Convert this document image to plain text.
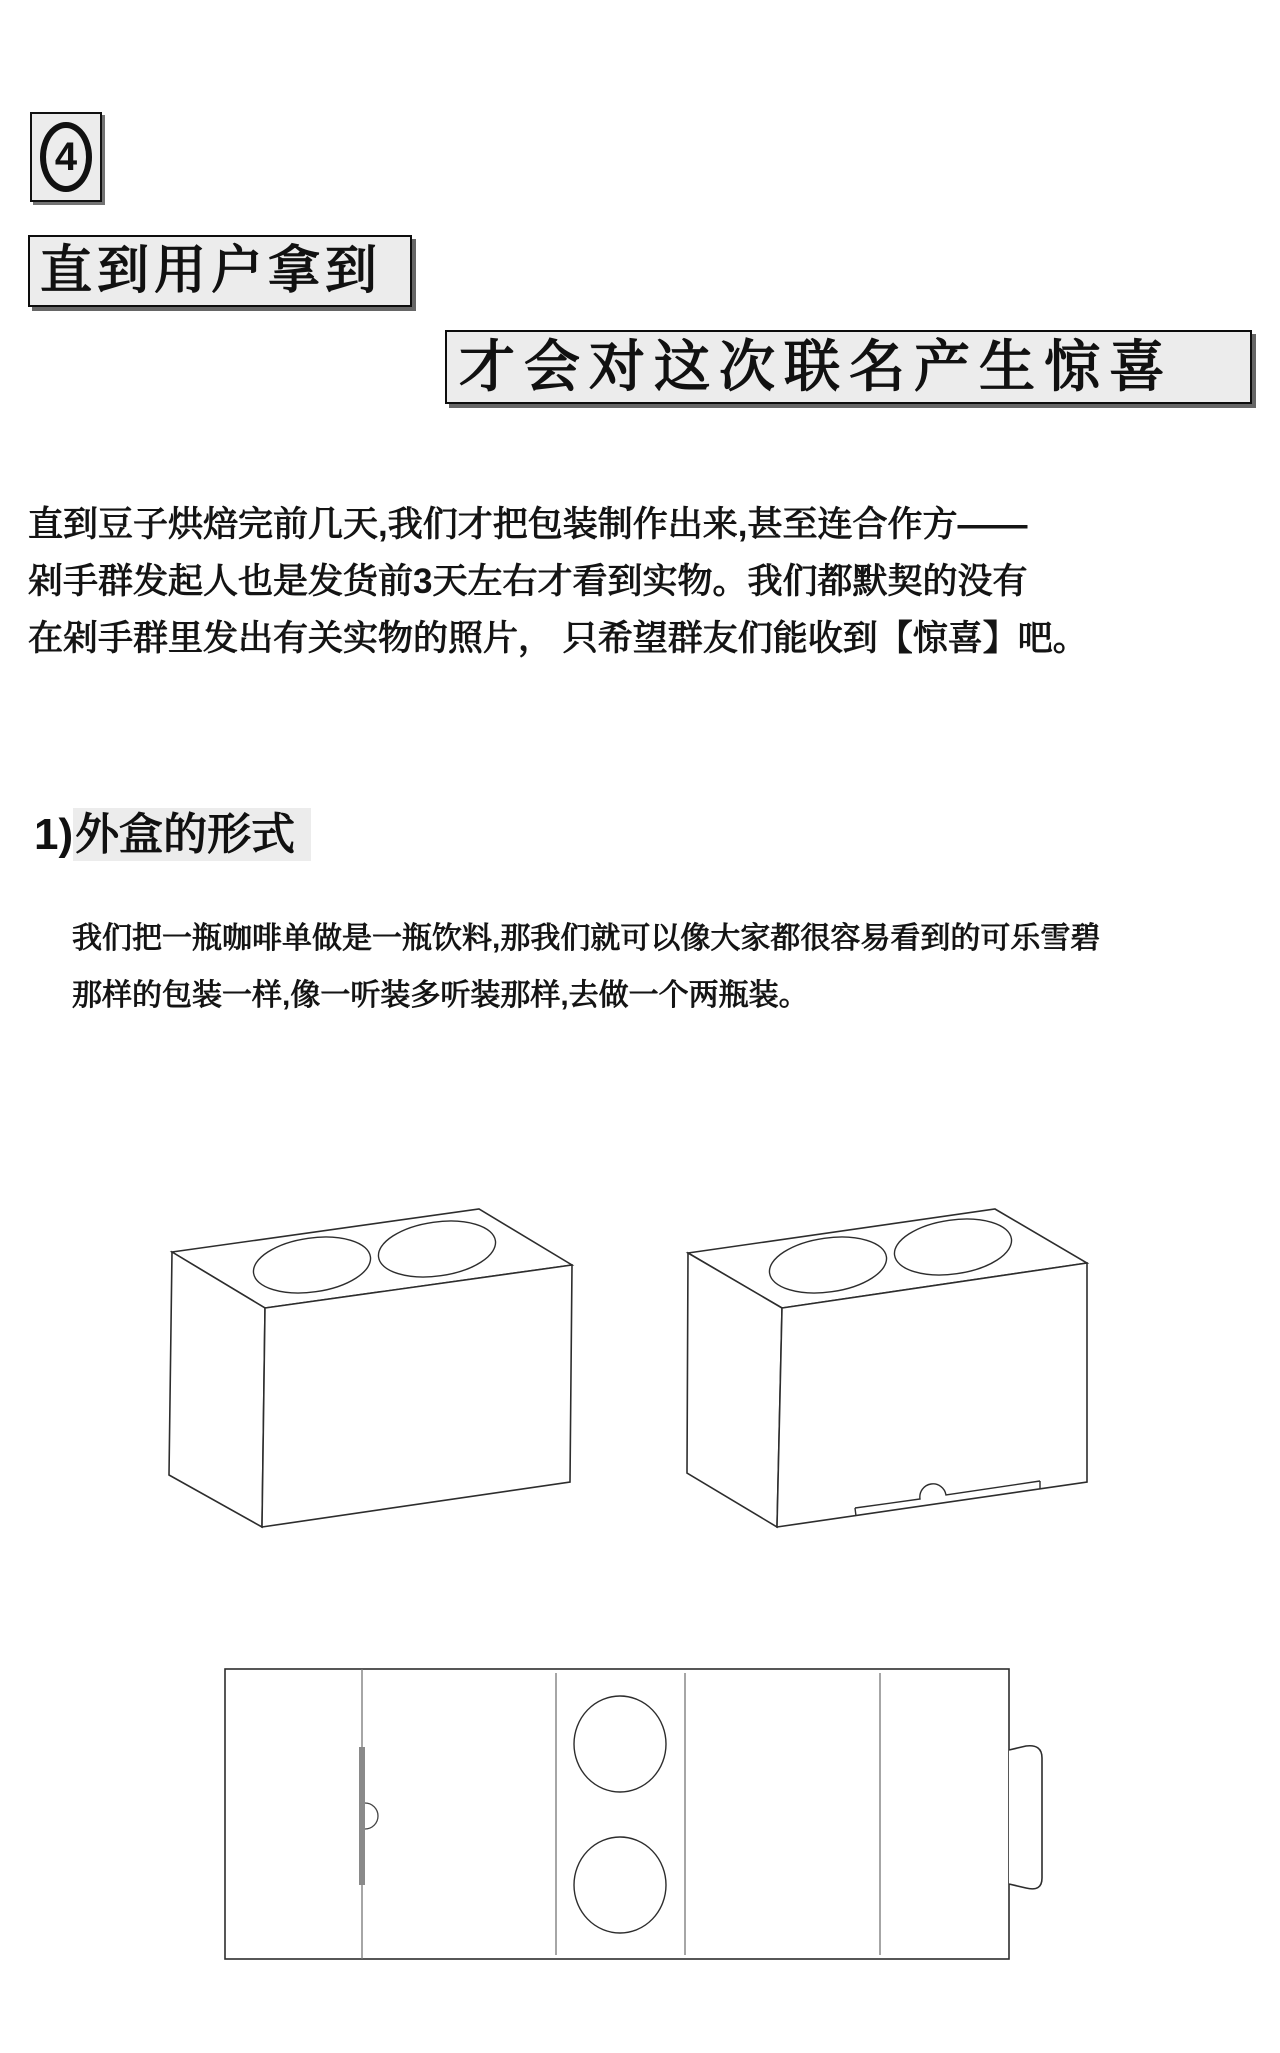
4
直到用户拿到
才会对这次联名产生惊喜
直到豆子烘焙完前几天,我们才把包装制作出来,甚至连合作方——
剁手群发起人也是发货前3天左右才看到实物。我们都默契的没有
在剁手群里发出有关实物的照片， 只希望群友们能收到【惊喜】吧。
1)外盒的形式
我们把一瓶咖啡单做是一瓶饮料,那我们就可以像大家都很容易看到的可乐雪碧
那样的包装一样,像一听装多听装那样,去做一个两瓶装。
